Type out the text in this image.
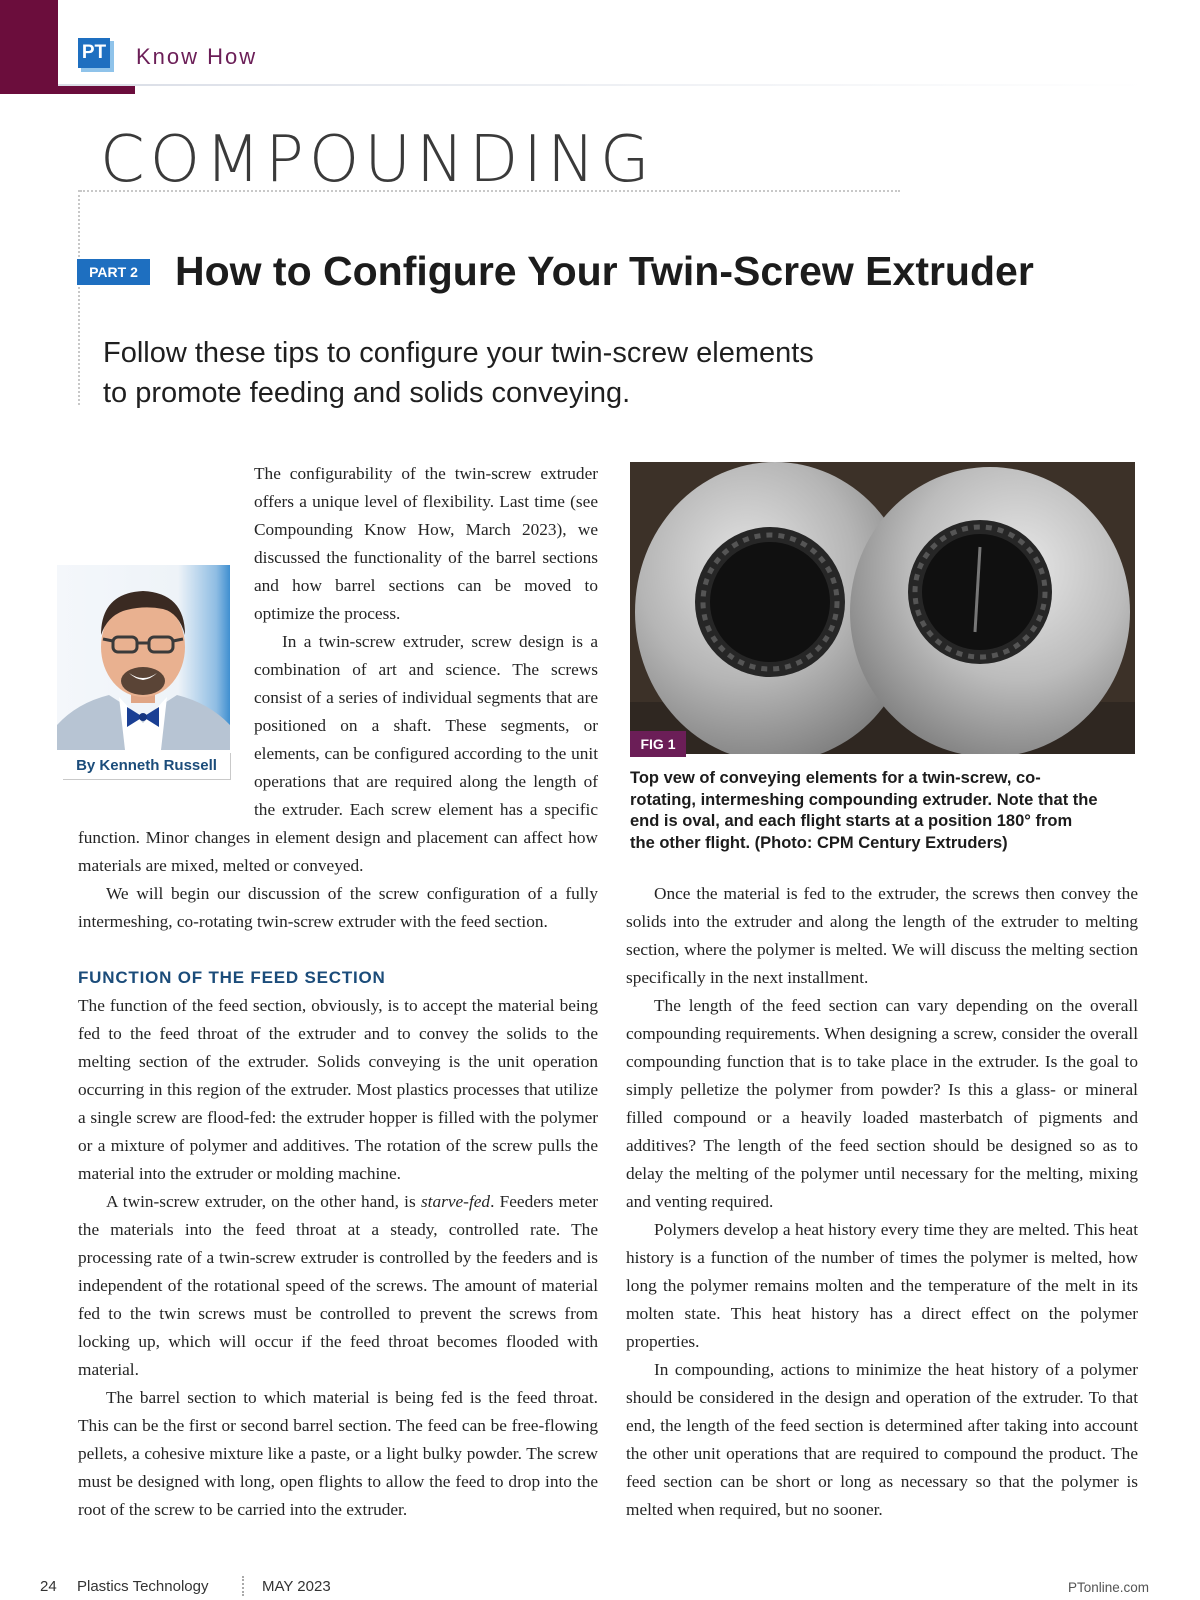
PT Know How
COMPOUNDING
PART 2 How to Configure Your Twin-Screw Extruder
Follow these tips to configure your twin-screw elements
to promote feeding and solids conveying.
By Kenneth Russell

The configurability of the twin-screw extruder offers a unique level of flexibility. Last time (see Compounding Know How, March 2023), we discussed the functionality of the barrel sections and how barrel sections can be moved to optimize the process.

In a twin-screw extruder, screw design is a combination of art and science. The screws consist of a series of individual segments that are positioned on a shaft. These segments, or elements, can be configured according to the unit operations that are required along the length of the extruder. Each screw element has a specific function. Minor changes in element design and placement can affect how materials are mixed, melted or conveyed.

We will begin our discussion of the screw configuration of a fully intermeshing, co-rotating twin-screw extruder with the feed section.

FUNCTION OF THE FEED SECTION

The function of the feed section, obviously, is to accept the material being fed to the feed throat of the extruder and to convey the solids to the melting section of the extruder. Solids conveying is the unit operation occurring in this region of the extruder. Most plastics processes that utilize a single screw are flood-fed: the extruder hopper is filled with the polymer or a mixture of polymer and additives. The rotation of the screw pulls the material into the extruder or molding machine.

A twin-screw extruder, on the other hand, is starve-fed. Feeders meter the materials into the feed throat at a steady, controlled rate. The processing rate of a twin-screw extruder is controlled by the feeders and is independent of the rotational speed of the screws. The amount of material fed to the twin screws must be controlled to prevent the screws from locking up, which will occur if the feed throat becomes flooded with material.

The barrel section to which material is being fed is the feed throat. This can be the first or second barrel section. The feed can be free-flowing pellets, a cohesive mixture like a paste, or a light bulky powder. The screw must be designed with long, open flights to allow the feed to drop into the root of the screw to be carried into the extruder.

FIG 1
Top vew of conveying elements for a twin-screw, co-rotating, intermeshing compounding extruder. Note that the end is oval, and each flight starts at a position 180° from the other flight. (Photo: CPM Century Extruders)

Once the material is fed to the extruder, the screws then convey the solids into the extruder and along the length of the extruder to melting section, where the polymer is melted. We will discuss the melting section specifically in the next installment.

The length of the feed section can vary depending on the overall compounding requirements. When designing a screw, consider the overall compounding function that is to take place in the extruder. Is the goal to simply pelletize the polymer from powder? Is this a glass- or mineral filled compound or a heavily loaded masterbatch of pigments and additives? The length of the feed section should be designed so as to delay the melting of the polymer until necessary for the melting, mixing and venting required.

Polymers develop a heat history every time they are melted. This heat history is a function of the number of times the polymer is melted, how long the polymer remains molten and the temperature of the melt in its molten state. This heat history has a direct effect on the polymer properties.

In compounding, actions to minimize the heat history of a polymer should be considered in the design and operation of the extruder. To that end, the length of the feed section is determined after taking into account the other unit operations that are required to compound the product. The feed section can be short or long as necessary so that the polymer is melted when required, but no sooner.

24 Plastics Technology	MAY 2023	PTonline.com
